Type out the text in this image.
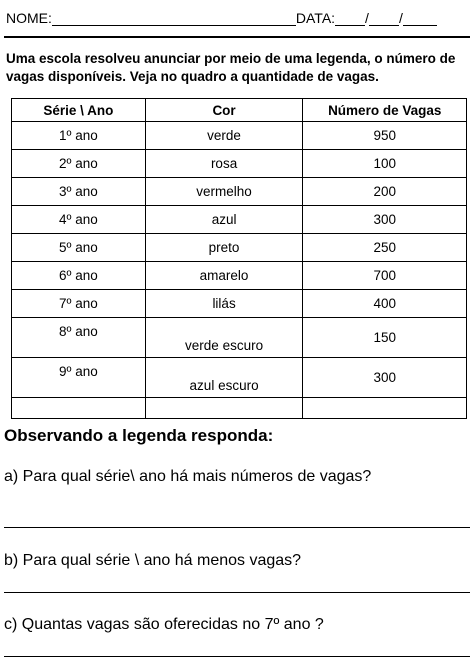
NOME:	DATA: / /
Uma escola resolveu anunciar por meio de uma legenda, o número de vagas disponíveis. Veja no quadro a quantidade de vagas.
Série \ Ano	Cor	Número de Vagas
1º ano	verde	950
2º ano	rosa	100
3º ano	vermelho	200
4º ano	azul	300
5º ano	preto	250
6º ano	amarelo	700
7º ano	lilás	400
8º ano	verde escuro	150
9º ano	azul escuro	300

Observando a legenda responda:
a) Para qual série\ ano há mais números de vagas?
b) Para qual série \ ano há menos vagas?
c) Quantas vagas são oferecidas no 7º ano ?
